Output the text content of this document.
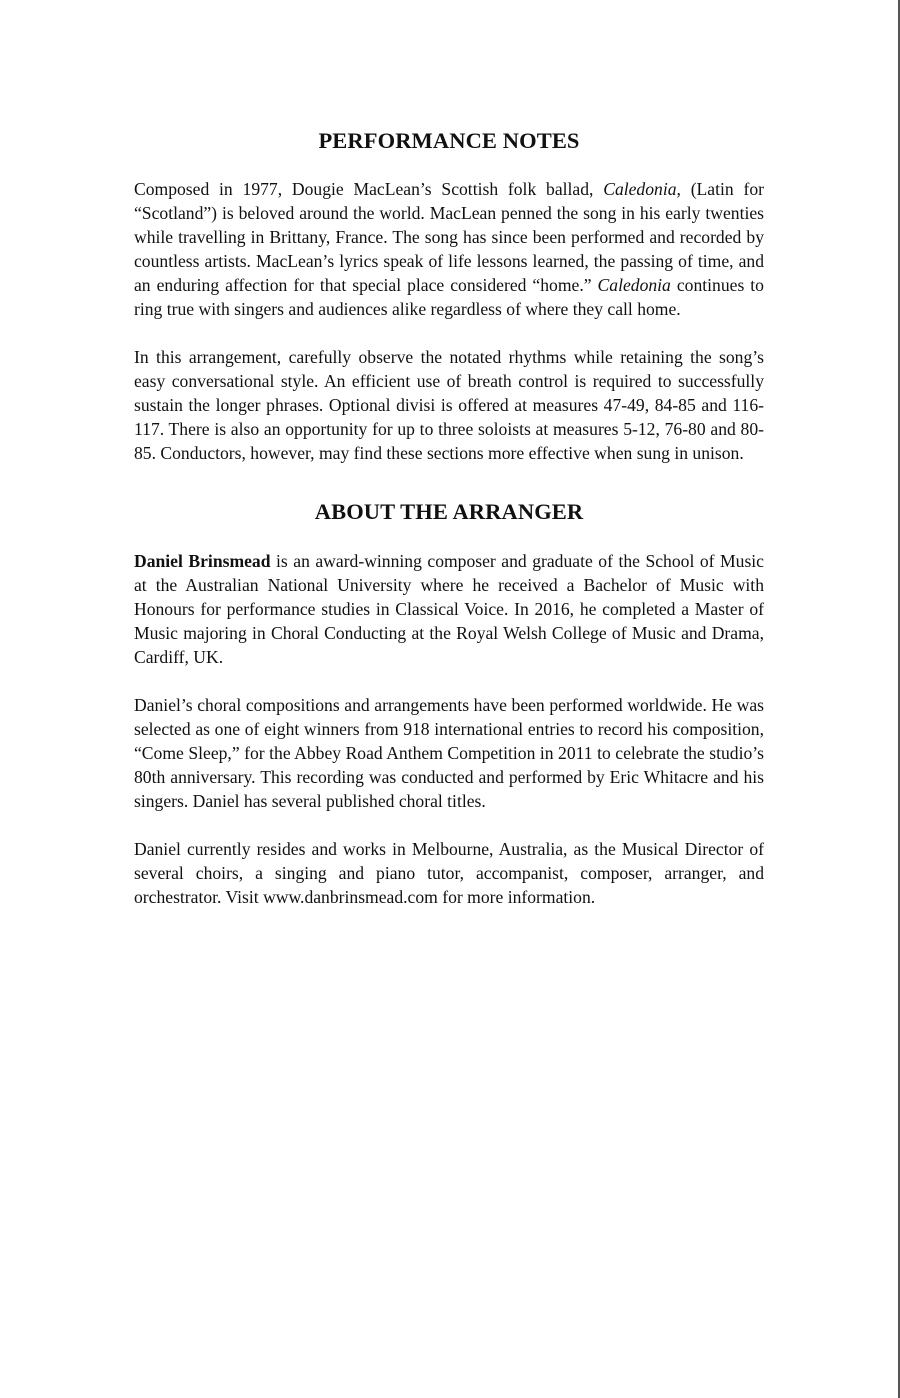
PERFORMANCE NOTES

Composed in 1977, Dougie MacLean’s Scottish folk ballad, Caledonia, (Latin for “Scotland”) is beloved around the world. MacLean penned the song in his early twenties while travelling in Brittany, France. The song has since been performed and recorded by countless artists. MacLean’s lyrics speak of life lessons learned, the passing of time, and an enduring affection for that special place considered “home.” Caledonia continues to ring true with singers and audiences alike regardless of where they call home.

In this arrangement, carefully observe the notated rhythms while retaining the song’s easy conversational style. An efficient use of breath control is required to successfully sustain the longer phrases. Optional divisi is offered at measures 47-49, 84-85 and 116-117. There is also an opportunity for up to three soloists at measures 5-12, 76-80 and 80-85. Conductors, however, may find these sections more effective when sung in unison.

ABOUT THE ARRANGER

Daniel Brinsmead is an award-winning composer and graduate of the School of Music at the Australian National University where he received a Bachelor of Music with Honours for performance studies in Classical Voice. In 2016, he completed a Master of Music majoring in Choral Conducting at the Royal Welsh College of Music and Drama, Cardiff, UK.

Daniel’s choral compositions and arrangements have been performed worldwide. He was selected as one of eight winners from 918 international entries to record his composition, “Come Sleep,” for the Abbey Road Anthem Competition in 2011 to celebrate the studio’s 80th anniversary. This recording was conducted and performed by Eric Whitacre and his singers. Daniel has several published choral titles.

Daniel currently resides and works in Melbourne, Australia, as the Musical Director of several choirs, a singing and piano tutor, accompanist, composer, arranger, and orchestrator. Visit www.danbrinsmead.com for more information.
